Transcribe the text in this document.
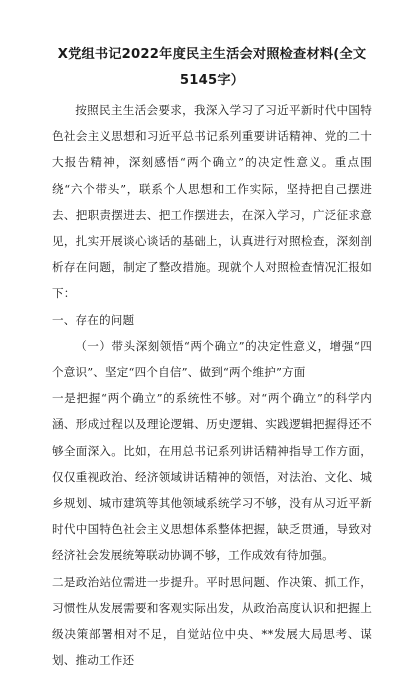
X党组书记2022年度民主生活会对照检查材料(全文5145字）

按照民主生活会要求，我深入学习了习近平新时代中国特色社会主义思想和习近平总书记系列重要讲话精神、党的二十大报告精神，深刻感悟“两个确立”的决定性意义。重点围绕“六个带头”，联系个人思想和工作实际，坚持把自己摆进去、把职责摆进去、把工作摆进去，在深入学习，广泛征求意见，扎实开展谈心谈话的基础上，认真进行对照检查，深刻剖析存在问题，制定了整改措施。现就个人对照检查情况汇报如下：

一、存在的问题

（一）带头深刻领悟“两个确立”的决定性意义，增强“四个意识”、坚定“四个自信”、做到“两个维护”方面

一是把握“两个确立”的系统性不够。对“两个确立”的科学内涵、形成过程以及理论逻辑、历史逻辑、实践逻辑把握得还不够全面深入。比如，在用总书记系列讲话精神指导工作方面，仅仅重视政治、经济领域讲话精神的领悟，对法治、文化、城乡规划、城市建筑等其他领域系统学习不够，没有从习近平新时代中国特色社会主义思想体系整体把握，缺乏贯通，导致对经济社会发展统筹联动协调不够，工作成效有待加强。

二是政治站位需进一步提升。平时思问题、作决策、抓工作，习惯性从发展需要和客观实际出发，从政治高度认识和把握上级决策部署相对不足，自觉站位中央、**发展大局思考、谋划、推动工作还
